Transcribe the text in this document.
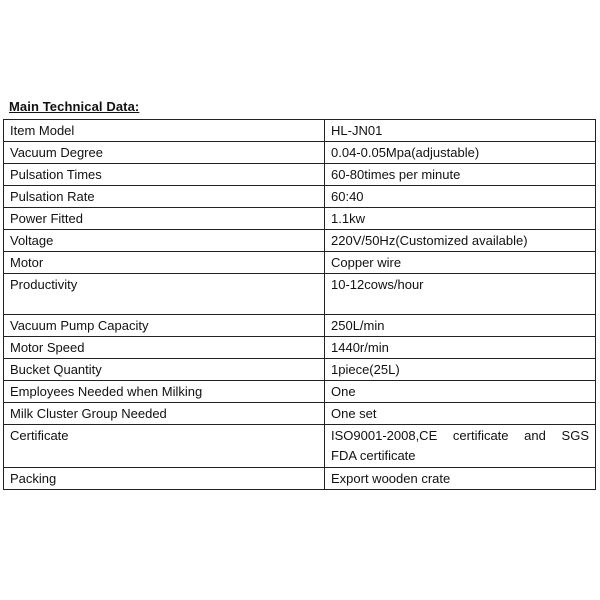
Main Technical Data:
Item Model	HL-JN01
Vacuum Degree	0.04-0.05Mpa(adjustable)
Pulsation Times	60-80times per minute
Pulsation Rate	60:40
Power Fitted	1.1kw
Voltage	220V/50Hz(Customized available)
Motor	Copper wire
Productivity	10-12cows/hour
Vacuum Pump Capacity	250L/min
Motor Speed	1440r/min
Bucket Quantity	1piece(25L)
Employees Needed when Milking	One
Milk Cluster Group Needed	One set
Certificate	ISO9001-2008,CE certificate and SGS
FDA certificate
Packing	Export wooden crate
